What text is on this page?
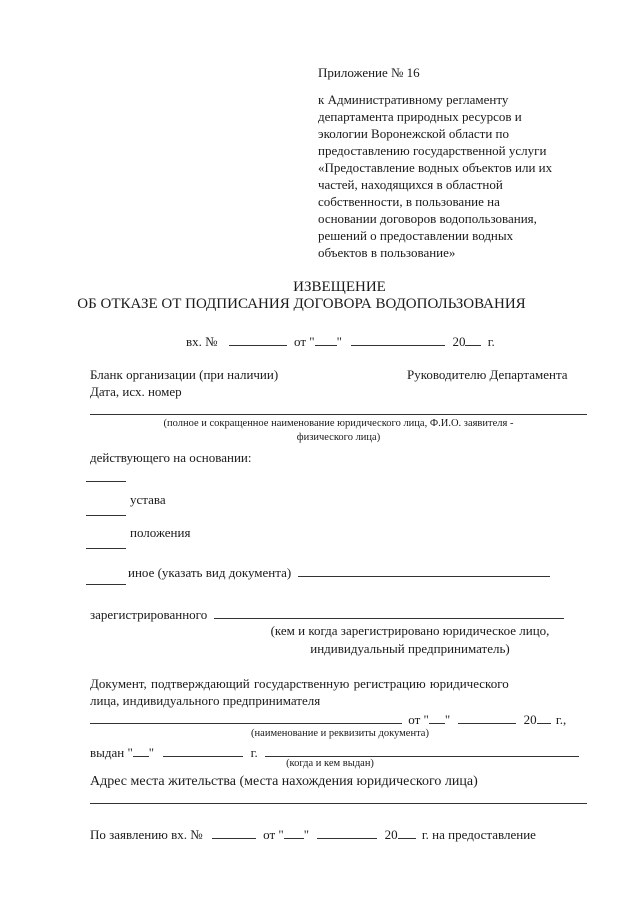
Приложение № 16
к Административному регламенту
департамента природных ресурсов и
экологии Воронежской области по
предоставлению государственной услуги
«Предоставление водных объектов или их
частей, находящихся в областной
собственности, в пользование на
основании договоров водопользования,
решений о предоставлении водных
объектов в пользование»
ИЗВЕЩЕНИЕ
ОБ ОТКАЗЕ ОТ ПОДПИСАНИЯ ДОГОВОРА ВОДОПОЛЬЗОВАНИЯ
вх. №	от " "	20 г.
Бланк организации (при наличии)	Руководителю Департамента
Дата, исх. номер
(полное и сокращенное наименование юридического лица, Ф.И.О. заявителя -
физического лица)
действующего на основании:
устава
положения
иное (указать вид документа)
зарегистрированного
(кем и когда зарегистрировано юридическое лицо,
индивидуальный предприниматель)
Документ, подтверждающий государственную регистрацию юридического
лица, индивидуального предпринимателя
от " "	20 г.,
(наименование и реквизиты документа)
выдан " "	г.
(когда и кем выдан)
Адрес места жительства (места нахождения юридического лица)
По заявлению вх. №	от " "	20 г. на предоставление
